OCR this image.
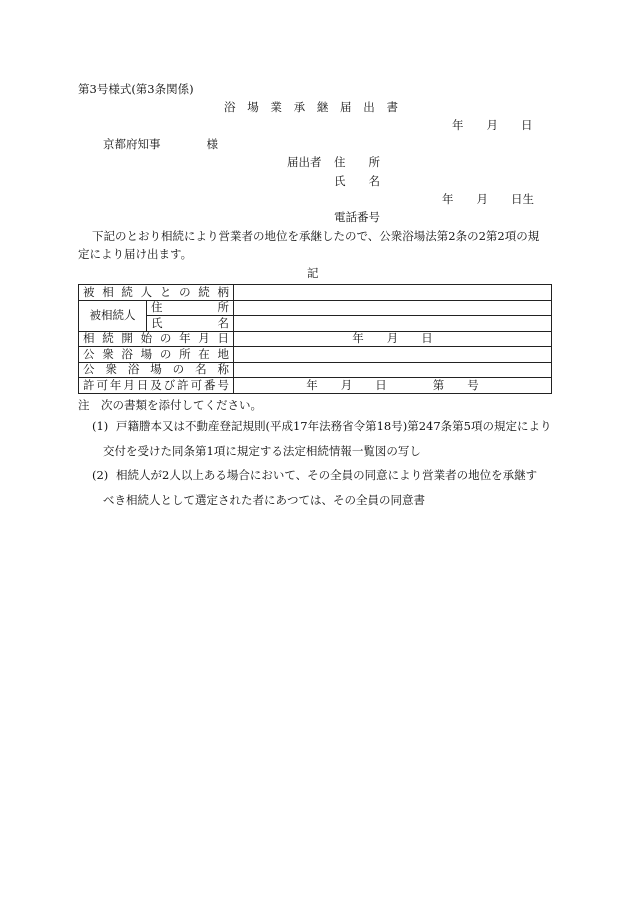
第3号様式(第3条関係)
浴 場 業 承 継 届 出 書
年　　月　　日
京都府知事　　　　様
届出者 住　　所
氏　　名
年　　月　　日生
電話番号
下記のとおり相続により営業者の地位を承継したので、公衆浴場法第2条の2第2項の規
定により届け出ます。
記
被相続人との続柄		

被相続人	住　所	

	氏　名	

相続開始の年月日		年　　月　　日

公衆浴場の所在地		

公衆浴場の名称		

許可年月日及び許可番号		年　　月　　日　　　　第　　号
注　次の書類を添付してください。
(1) 戸籍謄本又は不動産登記規則(平成17年法務省令第18号)第247条第5項の規定により
交付を受けた同条第1項に規定する法定相続情報一覧図の写し
(2) 相続人が2人以上ある場合において、その全員の同意により営業者の地位を承継す
べき相続人として選定された者にあつては、その全員の同意書
